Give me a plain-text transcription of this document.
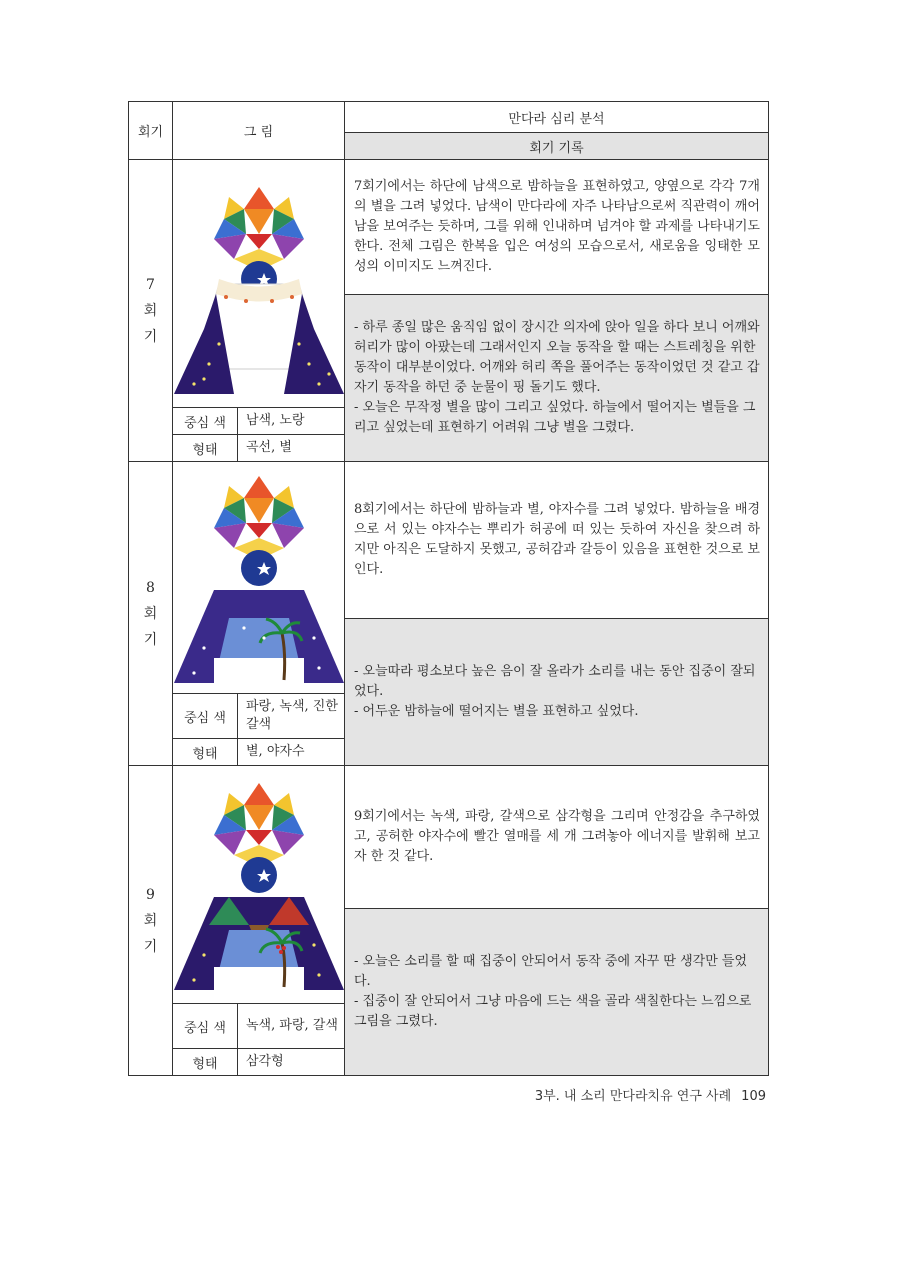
회기	그 림		만다라 심리 분석
			회기 기록

7
회
기			7회기에서는 하단에 남색으로 밤하늘을 표현하였고, 양옆으로 각각 7개의 별을 그려 넣었다. 남색이 만다라에 자주 나타남으로써 직관력이 깨어남을 보여주는 듯하며, 그를 위해 인내하며 넘겨야 할 과제를 나타내기도 한다. 전체 그림은 한복을 입은 여성의 모습으로서, 새로움을 잉태한 모성의 이미지도 느껴진다.

			- 하루 종일 많은 움직임 없이 장시간 의자에 앉아 일을 하다 보니 어깨와 허리가 많이 아팠는데 그래서인지 오늘 동작을 할 때는 스트레칭을 위한 동작이 대부분이었다. 어깨와 허리 쪽을 풀어주는 동작이었던 것 같고 갑자기 동작을 하던 중 눈물이 핑 돌기도 했다.

- 오늘은 무작정 별을 많이 그리고 싶었다. 하늘에서 떨어지는 별들을 그리고 싶었는데 표현하기 어려워 그냥 별을 그렸다.

	중심 색	남색, 노랑	
	형태	곡선, 별	

8
회
기			8회기에서는 하단에 밤하늘과 별, 야자수를 그려 넣었다. 밤하늘을 배경으로 서 있는 야자수는 뿌리가 허공에 떠 있는 듯하여 자신을 찾으려 하지만 아직은 도달하지 못했고, 공허감과 갈등이 있음을 표현한 것으로 보인다.

			- 오늘따라 평소보다 높은 음이 잘 올라가 소리를 내는 동안 집중이 잘되었다.

- 어두운 밤하늘에 떨어지는 별을 표현하고 싶었다.

	중심 색	파랑, 녹색, 진한 갈색	
	형태	별, 야자수	

9
회
기			9회기에서는 녹색, 파랑, 갈색으로 삼각형을 그리며 안정감을 추구하였고, 공허한 야자수에 빨간 열매를 세 개 그려놓아 에너지를 발휘해 보고자 한 것 같다.

			- 오늘은 소리를 할 때 집중이 안되어서 동작 중에 자꾸 딴 생각만 들었다.

- 집중이 잘 안되어서 그냥 마음에 드는 색을 골라 색칠한다는 느낌으로 그림을 그렸다.

	중심 색	녹색, 파랑, 갈색	
	형태	삼각형	
3부. 내 소리 만다라치유 연구 사례 109
